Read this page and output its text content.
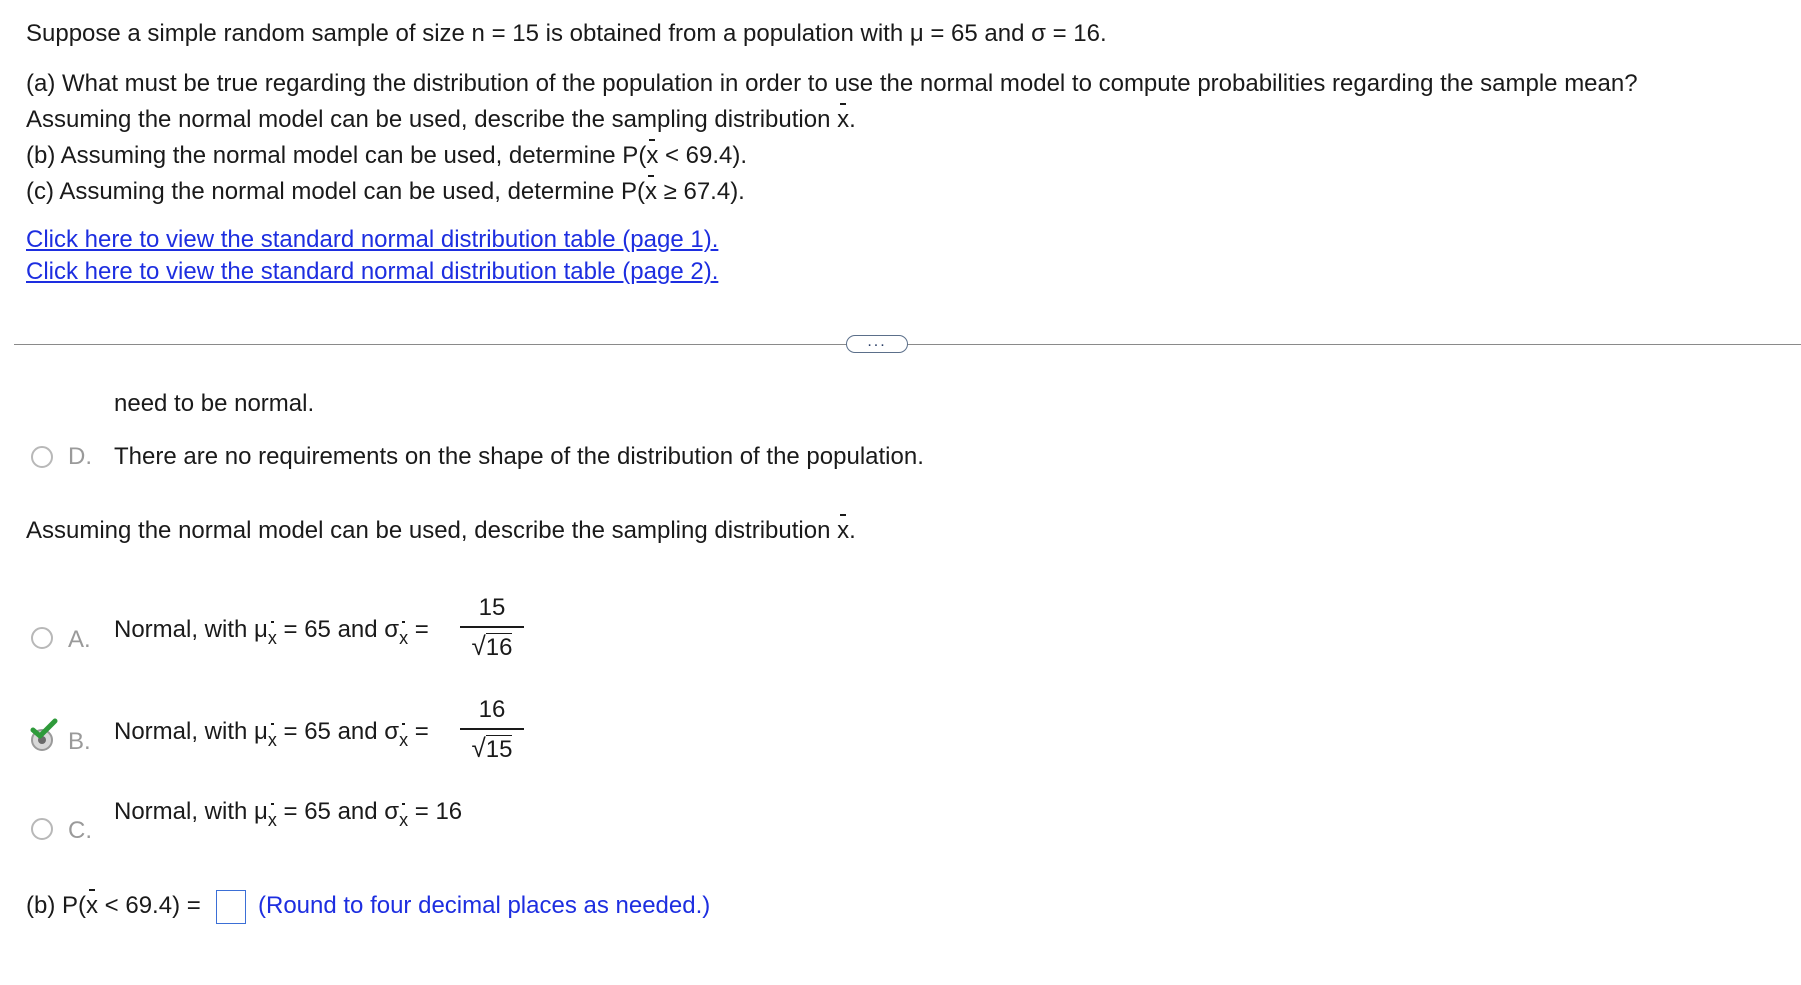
Suppose a simple random sample of size n = 15 is obtained from a population with μ = 65 and σ = 16.
(a) What must be true regarding the distribution of the population in order to use the normal model to compute probabilities regarding the sample mean?
Assuming the normal model can be used, describe the sampling distribution x.
(b) Assuming the normal model can be used, determine P(x < 69.4).
(c) Assuming the normal model can be used, determine P(x ≥ 67.4).
Click here to view the standard normal distribution table (page 1).
Click here to view the standard normal distribution table (page 2).
...
need to be normal.
D. There are no requirements on the shape of the distribution of the population.
Assuming the normal model can be used, describe the sampling distribution x.
A. Normal, with μx = 65 and σx =
15
√16
B. Normal, with μx = 65 and σx =
16
√15
C.
Normal, with μx = 65 and σx = 16
(b) P(x < 69.4) = (Round to four decimal places as needed.)
